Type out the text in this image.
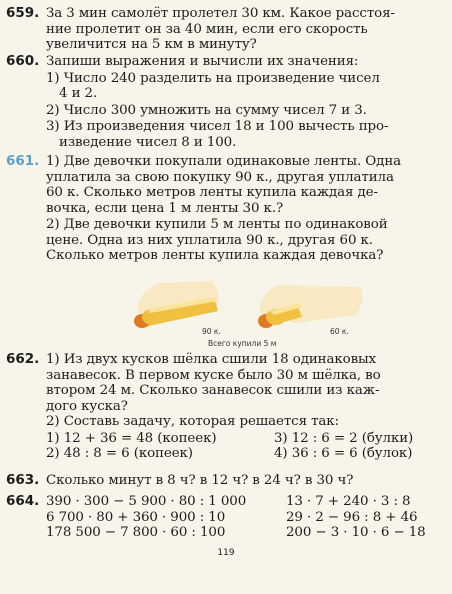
659. За 3 мин самолёт пролетел 30 км. Какое расстоя-
ние пролетит он за 40 мин, если его скорость
увеличится на 5 км в минуту?
660. Запиши выражения и вычисли их значения:
1) Число 240 разделить на произведение чисел
4 и 2.
2) Число 300 умножить на сумму чисел 7 и 3.
3) Из произведения чисел 18 и 100 вычесть про-
изведение чисел 8 и 100.
661. 1) Две девочки покупали одинаковые ленты. Одна
уплатила за свою покупку 90 к., другая уплатила
60 к. Сколько метров ленты купила каждая де-
вочка, если цена 1 м ленты 30 к.?
2) Две девочки купили 5 м ленты по одинаковой
цене. Одна из них уплатила 90 к., другая 60 к.
Сколько метров ленты купила каждая девочка?
90 к.	60 к.
Всего купили 5 м
662. 1) Из двух кусков шёлка сшили 18 одинаковых
занавесок. В первом куске было 30 м шёлка, во
втором 24 м. Сколько занавесок сшили из каж-
дого куска?
2) Составь задачу, которая решается так:
1) 12 + 36 = 48 (копеек)	3) 12 : 6 = 2 (булки)
2) 48 : 8 = 6 (копеек)	4) 36 : 6 = 6 (булок)
663. Сколько минут в 8 ч? в 12 ч? в 24 ч? в 30 ч?
664. 390 · 300 − 5 900 · 80 : 1 000	13 · 7 + 240 · 3 : 8
6 700 · 80 + 360 · 900 : 10	29 · 2 − 96 : 8 + 46
178 500 − 7 800 · 60 : 100	200 − 3 · 10 · 6 − 18
119
